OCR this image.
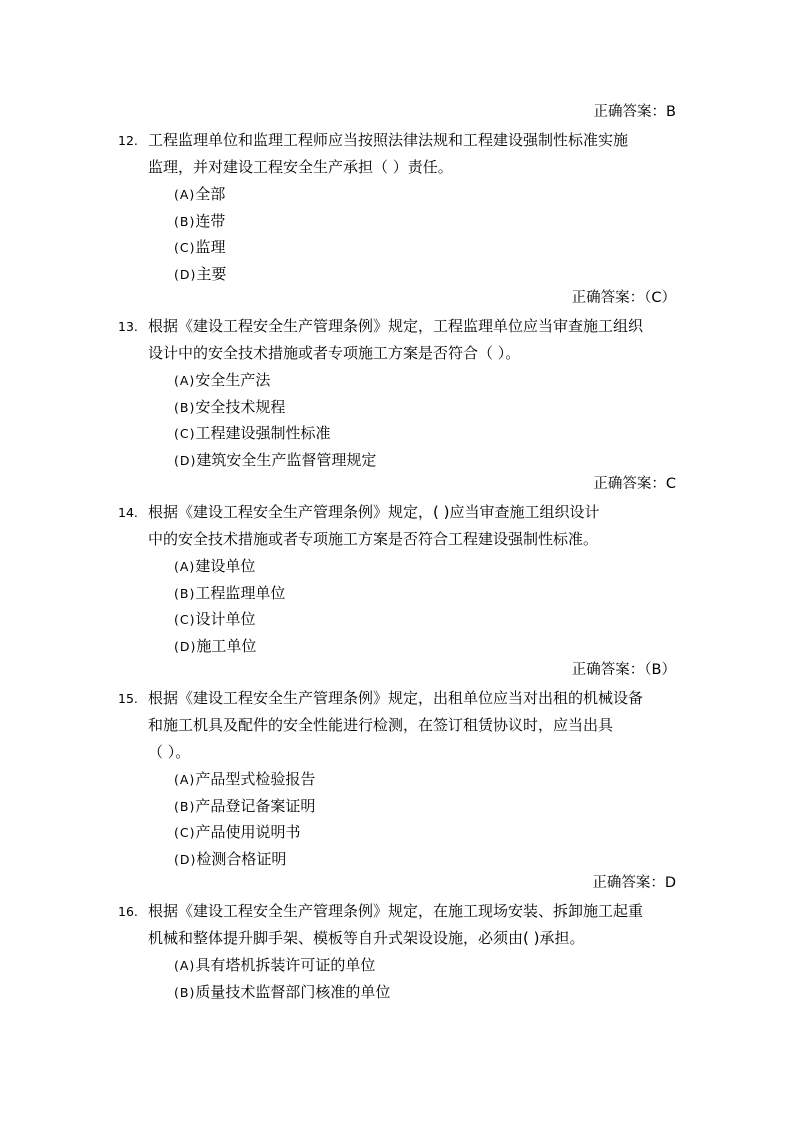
正确答案：B
12. 工程监理单位和监理工程师应当按照法律法规和工程建设强制性标准实施
监理，并对建设工程安全生产承担（ ）责任。
(A)全部
(B)连带
(C)监理
(D)主要
正确答案：（C）
13. 根据《建设工程安全生产管理条例》规定，工程监理单位应当审查施工组织
设计中的安全技术措施或者专项施工方案是否符合（ ）。
(A)安全生产法
(B)安全技术规程
(C)工程建设强制性标准
(D)建筑安全生产监督管理规定
正确答案：C
14. 根据《建设工程安全生产管理条例》规定，( )应当审查施工组织设计
中的安全技术措施或者专项施工方案是否符合工程建设强制性标准。
(A)建设单位
(B)工程监理单位
(C)设计单位
(D)施工单位
正确答案：（B）
15. 根据《建设工程安全生产管理条例》规定，出租单位应当对出租的机械设备
和施工机具及配件的安全性能进行检测，在签订租赁协议时，应当出具
（ ）。
(A)产品型式检验报告
(B)产品登记备案证明
(C)产品使用说明书
(D)检测合格证明
正确答案：D
16. 根据《建设工程安全生产管理条例》规定，在施工现场安装、拆卸施工起重
机械和整体提升脚手架、模板等自升式架设设施，必须由( )承担。
(A)具有塔机拆装许可证的单位
(B)质量技术监督部门核准的单位
